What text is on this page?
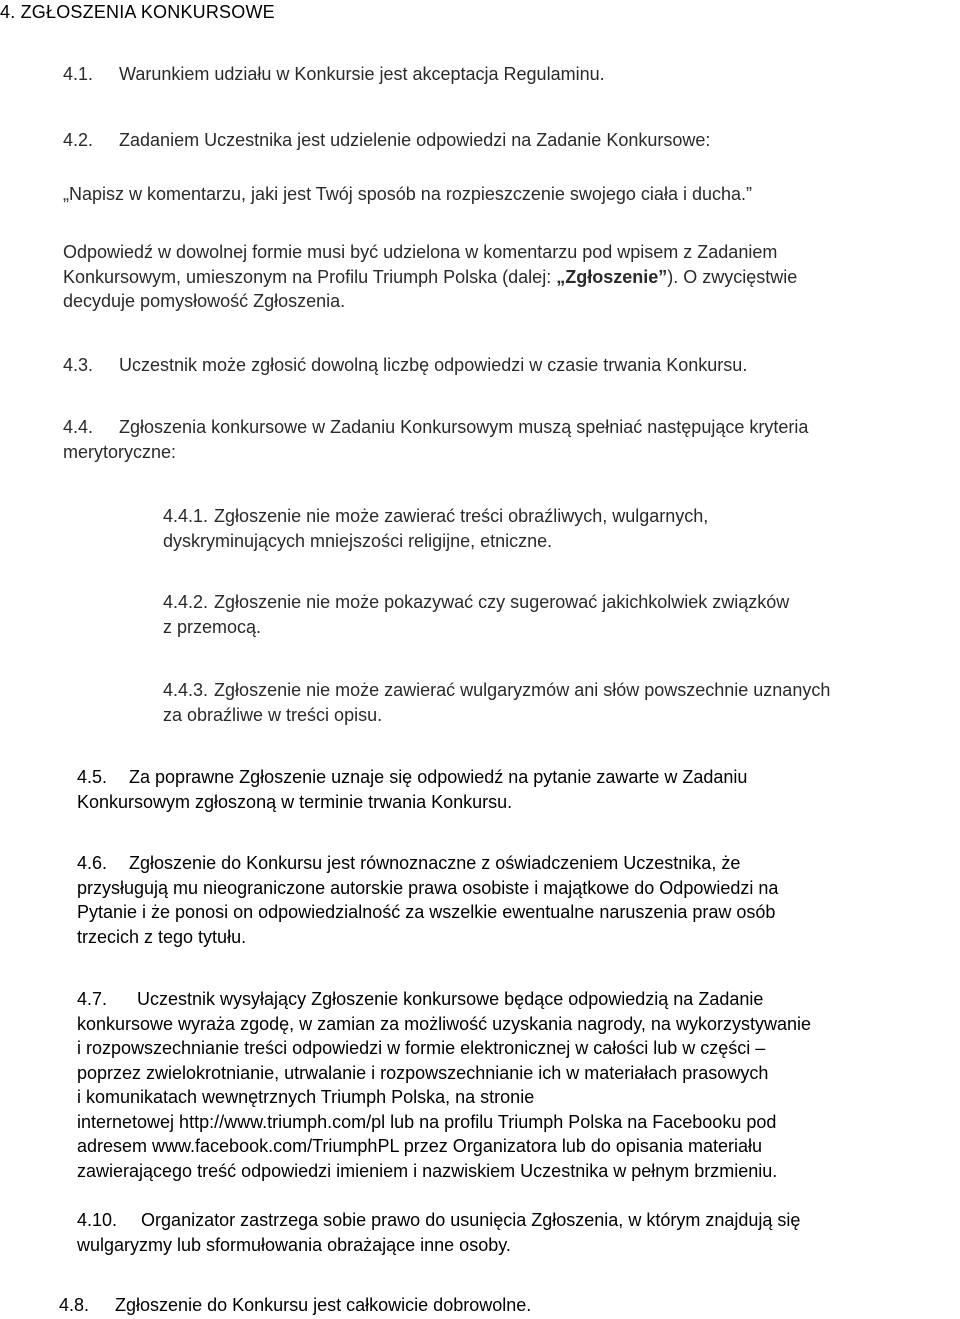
4. ZGŁOSZENIA KONKURSOWE
4.1. Warunkiem udziału w Konkursie jest akceptacja Regulaminu.
4.2. Zadaniem Uczestnika jest udzielenie odpowiedzi na Zadanie Konkursowe:
„Napisz w komentarzu, jaki jest Twój sposób na rozpieszczenie swojego ciała i ducha.”
Odpowiedź w dowolnej formie musi być udzielona w komentarzu pod wpisem z Zadaniem
Konkursowym, umieszonym na Profilu Triumph Polska (dalej: „Zgłoszenie”). O zwycięstwie
decyduje pomysłowość Zgłoszenia.
4.3. Uczestnik może zgłosić dowolną liczbę odpowiedzi w czasie trwania Konkursu.
4.4. Zgłoszenia konkursowe w Zadaniu Konkursowym muszą spełniać następujące kryteria
merytoryczne:
4.4.1. Zgłoszenie nie może zawierać treści obraźliwych, wulgarnych,
dyskryminujących mniejszości religijne, etniczne.
4.4.2. Zgłoszenie nie może pokazywać czy sugerować jakichkolwiek związków
z przemocą.
4.4.3. Zgłoszenie nie może zawierać wulgaryzmów ani słów powszechnie uznanych
za obraźliwe w treści opisu.
4.5. Za poprawne Zgłoszenie uznaje się odpowiedź na pytanie zawarte w Zadaniu
Konkursowym zgłoszoną w terminie trwania Konkursu.
4.6. Zgłoszenie do Konkursu jest równoznaczne z oświadczeniem Uczestnika, że
przysługują mu nieograniczone autorskie prawa osobiste i majątkowe do Odpowiedzi na
Pytanie i że ponosi on odpowiedzialność za wszelkie ewentualne naruszenia praw osób
trzecich z tego tytułu.
4.7. Uczestnik wysyłający Zgłoszenie konkursowe będące odpowiedzią na Zadanie
konkursowe wyraża zgodę, w zamian za możliwość uzyskania nagrody, na wykorzystywanie
i rozpowszechnianie treści odpowiedzi w formie elektronicznej w całości lub w części –
poprzez zwielokrotnianie, utrwalanie i rozpowszechnianie ich w materiałach prasowych
i komunikatach wewnętrznych Triumph Polska, na stronie
internetowej http://www.triumph.com/pl lub na profilu Triumph Polska na Facebooku pod
adresem www.facebook.com/TriumphPL przez Organizatora lub do opisania materiału
zawierającego treść odpowiedzi imieniem i nazwiskiem Uczestnika w pełnym brzmieniu.
4.10. Organizator zastrzega sobie prawo do usunięcia Zgłoszenia, w którym znajdują się
wulgaryzmy lub sformułowania obrażające inne osoby.
4.8. Zgłoszenie do Konkursu jest całkowicie dobrowolne.
